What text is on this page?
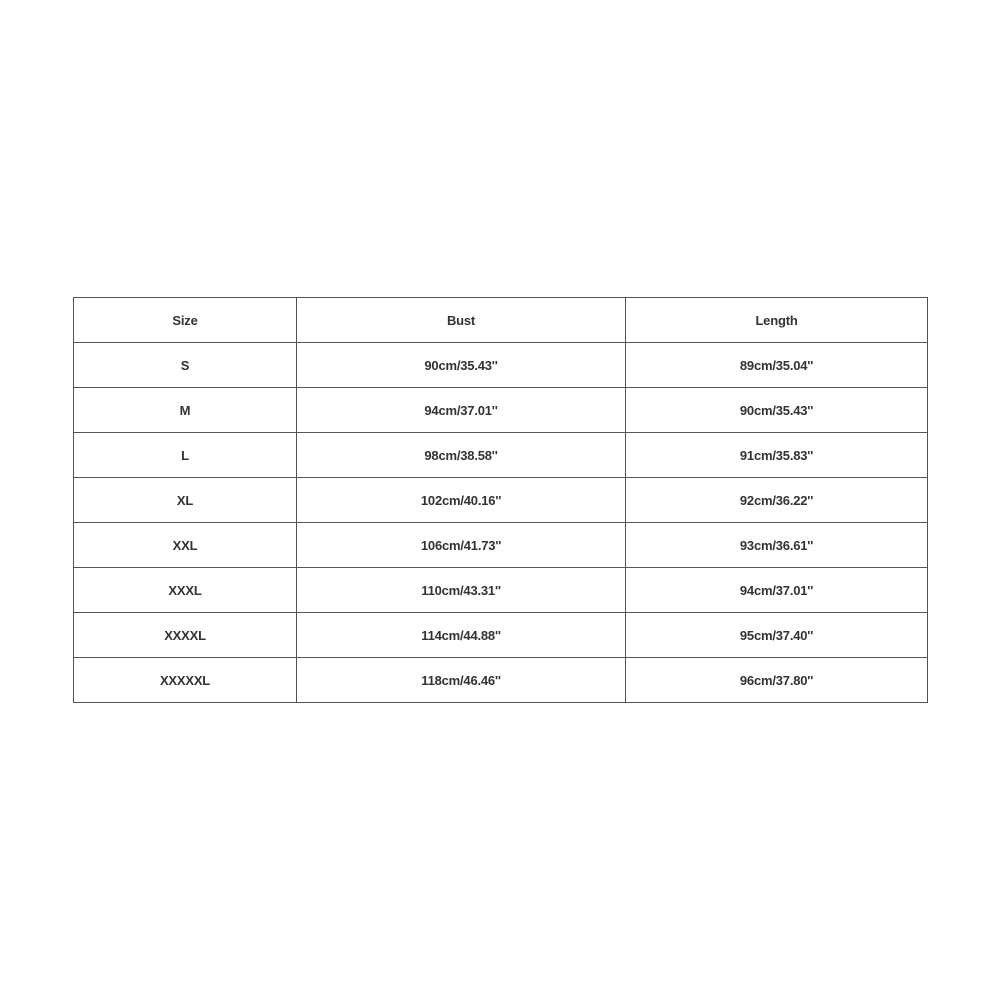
Size	Bust	Length
S	90cm/35.43''	89cm/35.04''
M	94cm/37.01''	90cm/35.43''
L	98cm/38.58''	91cm/35.83''
XL	102cm/40.16''	92cm/36.22''
XXL	106cm/41.73''	93cm/36.61''
XXXL	110cm/43.31''	94cm/37.01''
XXXXL	114cm/44.88''	95cm/37.40''
XXXXXL	118cm/46.46''	96cm/37.80''
